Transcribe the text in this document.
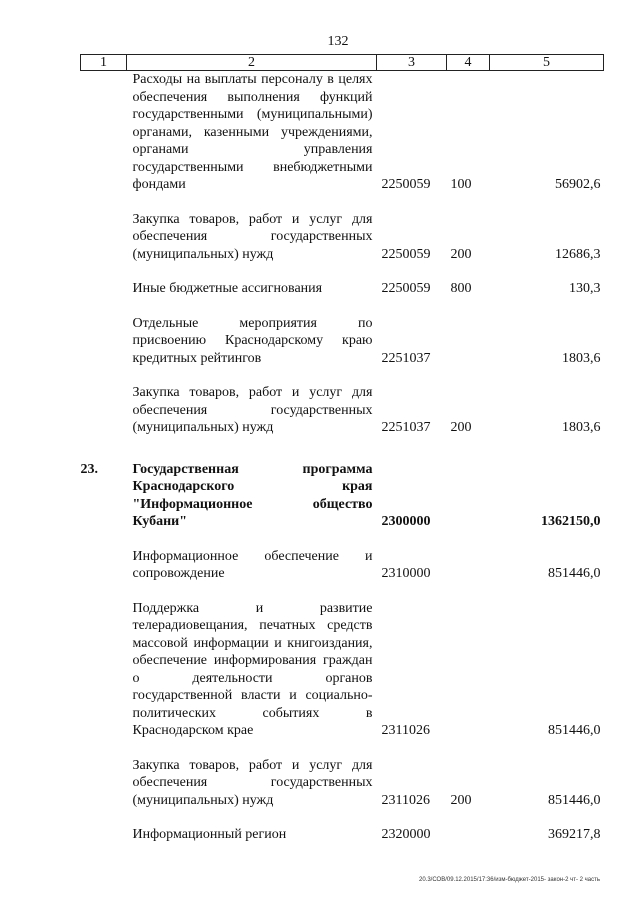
132
1	2	3	4	5
	Расходы на выплаты персоналу в целях обеспечения выполнения функций государственными (муниципальными) органами, казенными учреждениями, органами управления государственными внебюджетными фондами	2250059	100	56902,6

	Закупка товаров, работ и услуг для обеспечения государственных (муниципальных) нужд	2250059	200	12686,3

	Иные бюджетные ассигнования	2250059	800	130,3

	Отдельные мероприятия по присвоению Краснодарскому краю кредитных рейтингов	2251037		1803,6

	Закупка товаров, работ и услуг для обеспечения государственных (муниципальных) нужд	2251037	200	1803,6

23.	Государственная программа Краснодарского края "Информационное общество Кубани"	2300000		1362150,0

	Информационное обеспечение и сопровождение	2310000		851446,0

	Поддержка и развитие телерадиовещания, печатных средств массовой информации и книгоиздания, обеспечение информирования граждан о деятельности органов государственной власти и социально-политических событиях в Краснодарском крае	2311026		851446,0

	Закупка товаров, работ и услуг для обеспечения государственных (муниципальных) нужд	2311026	200	851446,0

	Информационный регион	2320000		369217,8
20.3/СОВ/09.12.2015/17:36/изм-бюджет-2015- закон-2 чт- 2 часть
